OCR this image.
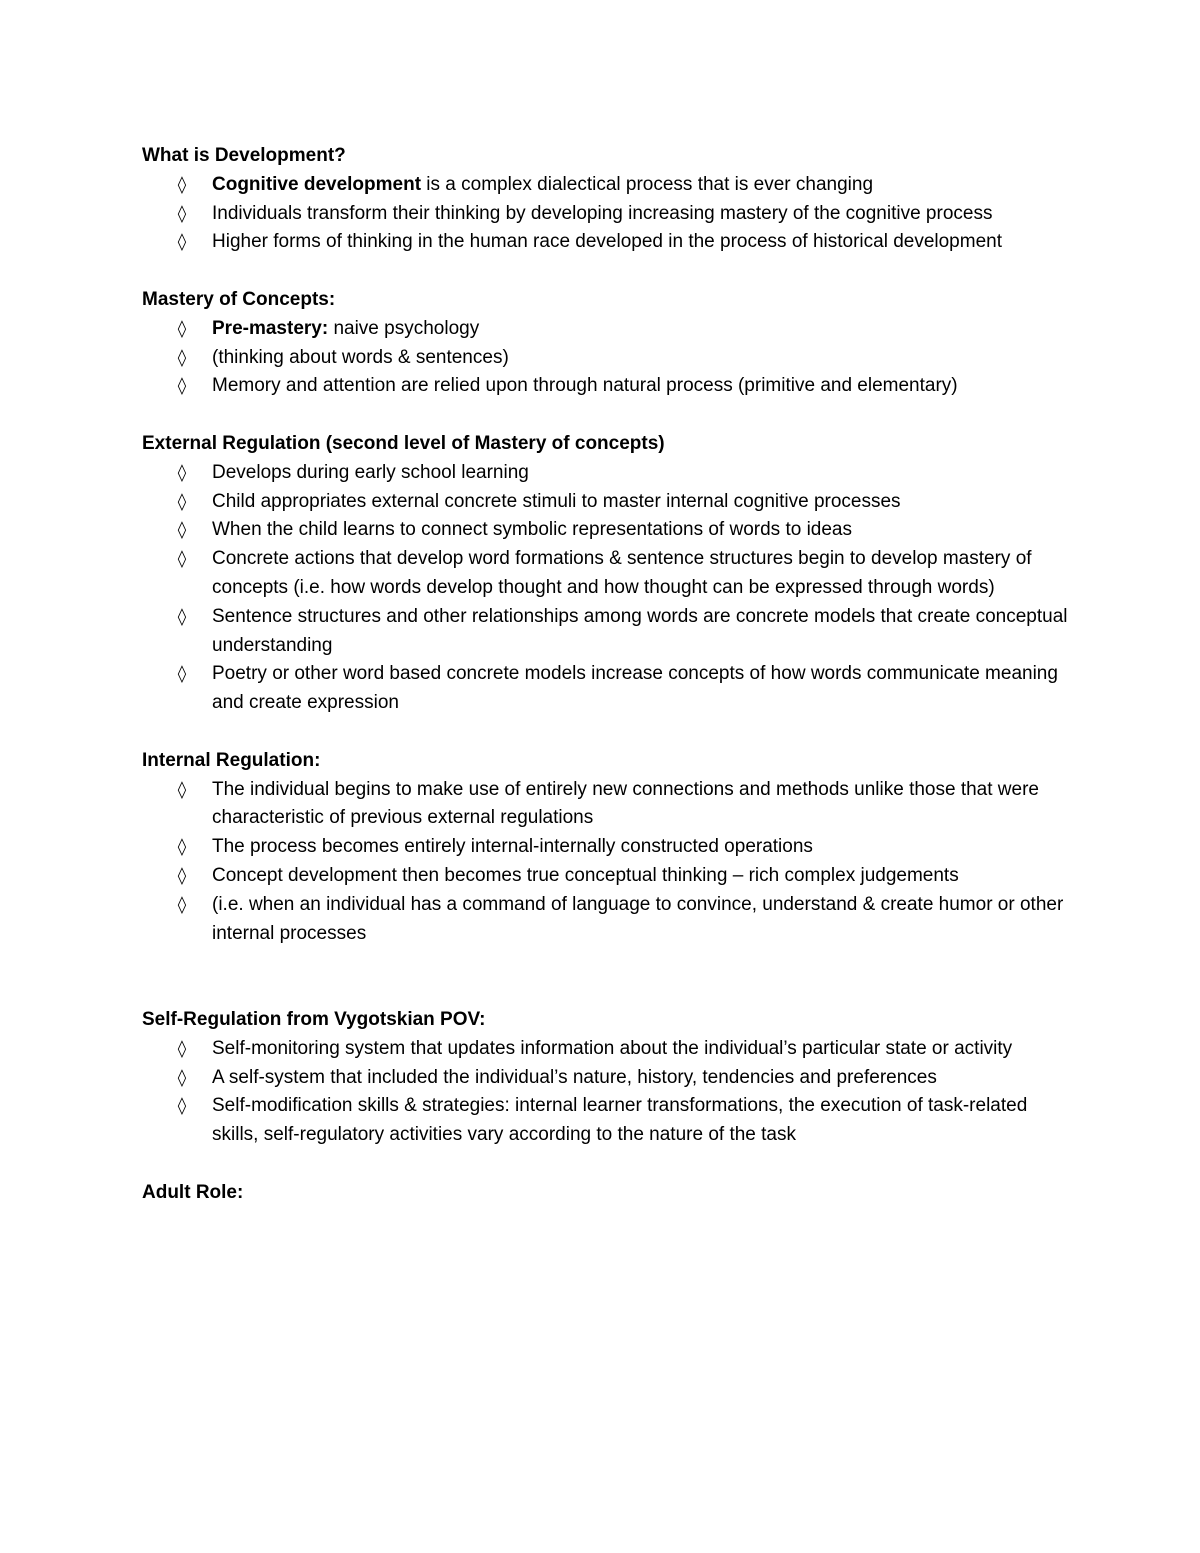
What is Development?
◊ Cognitive development is a complex dialectical process that is ever changing
◊ Individuals transform their thinking by developing increasing mastery of the cognitive process
◊ Higher forms of thinking in the human race developed in the process of historical development
Mastery of Concepts:
◊ Pre-mastery: naive psychology
◊ (thinking about words & sentences)
◊ Memory and attention are relied upon through natural process (primitive and elementary)
External Regulation (second level of Mastery of concepts)
◊ Develops during early school learning
◊ Child appropriates external concrete stimuli to master internal cognitive processes
◊ When the child learns to connect symbolic representations of words to ideas
◊ Concrete actions that develop word formations & sentence structures begin to develop mastery of concepts (i.e. how words develop thought and how thought can be expressed through words)
◊ Sentence structures and other relationships among words are concrete models that create conceptual understanding
◊ Poetry or other word based concrete models increase concepts of how words communicate meaning and create expression
Internal Regulation:
◊ The individual begins to make use of entirely new connections and methods unlike those that were characteristic of previous external regulations
◊ The process becomes entirely internal-internally constructed operations
◊ Concept development then becomes true conceptual thinking – rich complex judgements
◊ (i.e. when an individual has a command of language to convince, understand & create humor or other internal processes
Self-Regulation from Vygotskian POV:
◊ Self-monitoring system that updates information about the individual’s particular state or activity
◊ A self-system that included the individual’s nature, history, tendencies and preferences
◊ Self-modification skills & strategies: internal learner transformations, the execution of task-related skills, self-regulatory activities vary according to the nature of the task
Adult Role:
